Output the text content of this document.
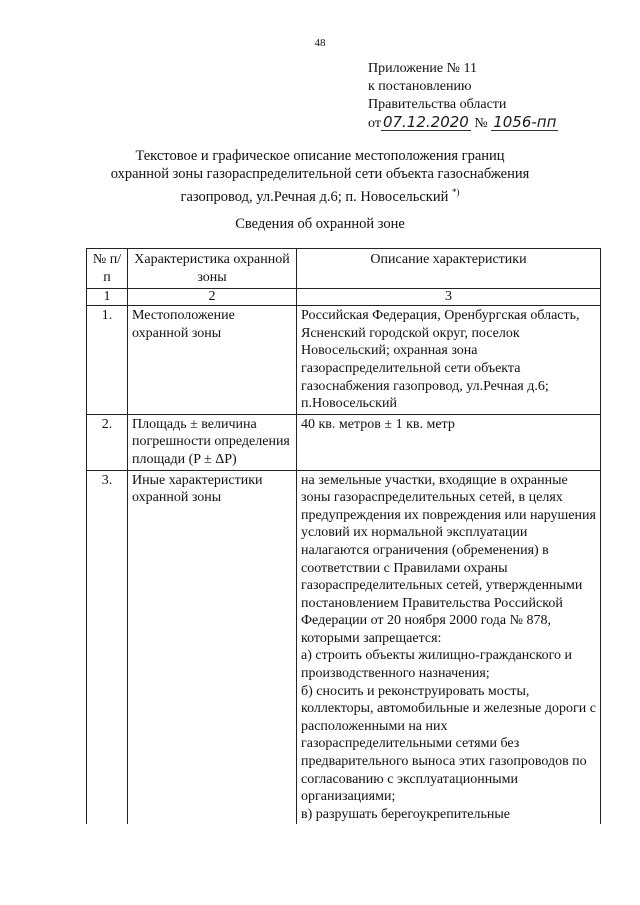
48
Приложение № 11
к постановлению
Правительства области
от 07.12.2020 № 1056-пп
Текстовое и графическое описание местоположения границ
охранной зоны газораспределительной сети объекта газоснабжения
газопровод, ул.Речная д.6; п. Новосельский *)
Сведения об охранной зоне
№ п/п	Характеристика охранной зоны	Описание характеристики
1	2	3
1.	Местоположение охранной зоны	Российская Федерация, Оренбургская область, Ясненский городской округ, поселок Новосельский; охранная зона газораспределительной сети объекта газоснабжения газопровод, ул.Речная д.6; п.Новосельский
2.	Площадь ± величина погрешности определения площади (P ± ΔP)	40 кв. метров ± 1 кв. метр
3.	Иные характеристики охранной зоны	на земельные участки, входящие в охранные зоны газораспределительных сетей, в целях предупреждения их повреждения или нарушения условий их нормальной эксплуатации налагаются ограничения (обременения) в соответствии с Правилами охраны газораспределительных сетей, утвержденными постановлением Правительства Российской Федерации от 20 ноября 2000 года № 878, которыми запрещается:
а) строить объекты жилищно-гражданского и производственного назначения;
б) сносить и реконструировать мосты, коллекторы, автомобильные и железные дороги с расположенными на них газораспределительными сетями без предварительного выноса этих газопроводов по согласованию с эксплуатационными организациями;
в) разрушать берегоукрепительные
